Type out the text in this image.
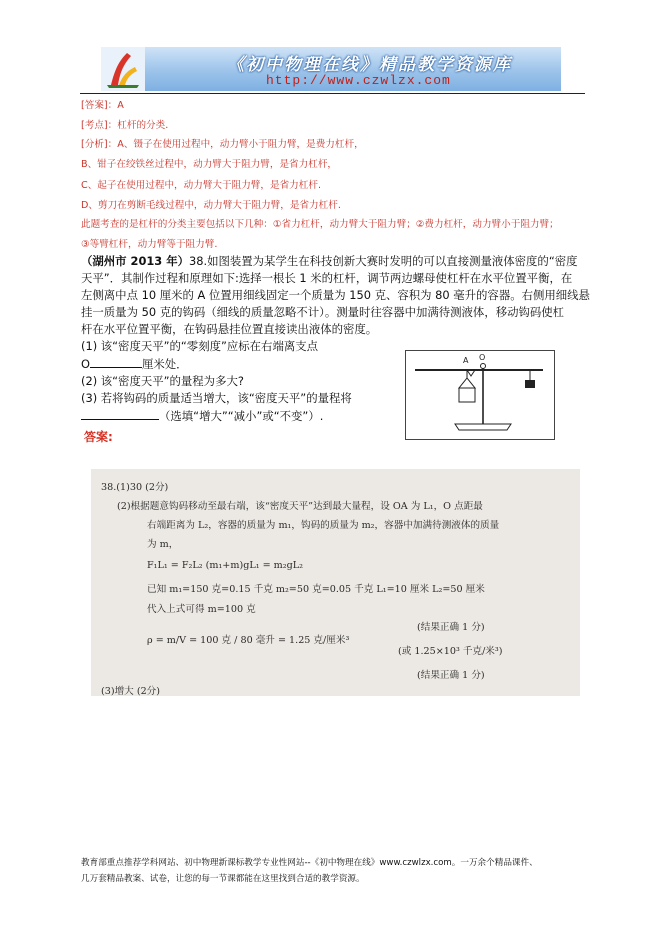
《初中物理在线》精品教学资源库
http://www.czwlzx.com
[答案]：A
[考点]：杠杆的分类.
[分析]：A、镊子在使用过程中，动力臂小于阻力臂，是费力杠杆，
B、钳子在绞铁丝过程中，动力臂大于阻力臂，是省力杠杆，
C、起子在使用过程中，动力臂大于阻力臂，是省力杠杆.
D、剪刀在剪断毛线过程中，动力臂大于阻力臂，是省力杠杆.
此题考查的是杠杆的分类主要包括以下几种：①省力杠杆，动力臂大于阻力臂；②费力杠杆，动力臂小于阻力臂；
③等臂杠杆，动力臂等于阻力臂.
（湖州市 2013 年）38.如图装置为某学生在科技创新大赛时发明的可以直接测量液体密度的“密度
天平”．其制作过程和原理如下:选择一根长 1 米的杠杆，调节两边螺母使杠杆在水平位置平衡，在
左侧离中点 10 厘米的 A 位置用细线固定一个质量为 150 克、容积为 80 毫升的容器。右侧用细线悬
挂一质量为 50 克的钩码（细线的质量忽略不计）。测量时往容器中加满待测液体，移动钩码使杠
杆在水平位置平衡，在钩码悬挂位置直接读出液体的密度。
(1) 该“密度天平”的“零刻度”应标在右端离支点
O	厘米处．
(2) 该“密度天平”的量程为多大?
(3) 若将钩码的质量适当增大，该“密度天平”的量程将
（选填“增大”“减小”或“不变”）.
A O
答案:
38.(1)30 (2分)
(2)根据题意钩码移动至最右端，该“密度天平”达到最大量程，设 OA 为 L₁，O 点距最
右端距离为 L₂，容器的质量为 m₁，钩码的质量为 m₂，容器中加满待测液体的质量
为 m，
F₁L₁ = F₂L₂ (m₁+m)gL₁ = m₂gL₂
已知 m₁=150 克=0.15 千克 m₂=50 克=0.05 千克 L₁=10 厘米 L₂=50 厘米
代入上式可得 m=100 克
(结果正确 1 分)
ρ = m/V = 100 克 / 80 毫升 = 1.25 克/厘米³
(或 1.25×10³ 千克/米³)
(结果正确 1 分)
(3)增大 (2分)
教育部重点推荐学科网站、初中物理新课标教学专业性网站--《初中物理在线》www.czwlzx.com。一万余个精品课件、
几万套精品教案、试卷，让您的每一节课都能在这里找到合适的教学资源。
